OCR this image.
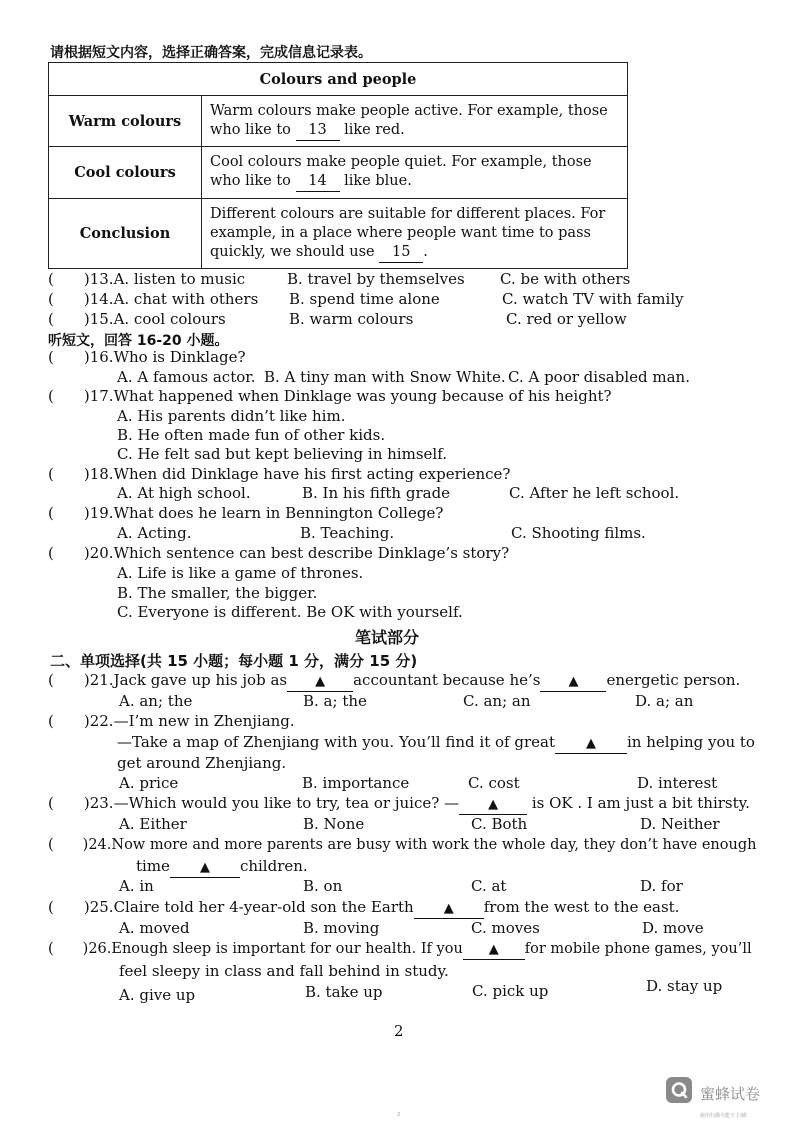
请根据短文内容，选择正确答案，完成信息记录表。
Colours and people	
Warm colours	Warm colours make people active. For example, those who like to 13 like red.
Cool colours	Cool colours make people quiet. For example, those who like to 14 like blue.
Conclusion	Different colours are suitable for different places. For example, in a place where people want time to pass quickly, we should use 15 .
(　　)13.A. listen to music	B. travel by themselves C. be with others
(　　)14.A. chat with others B. spend time alone	C. watch TV with family
(　　)15.A. cool colours	B. warm colours	C. red or yellow
听短文，回答 16-20 小题。
(　　)16.Who is Dinklage?
A. A famous actor. B. A tiny man with Snow White. C. A poor disabled man.
(　　)17.What happened when Dinklage was young because of his height?
A. His parents didn’t like him.
B. He often made fun of other kids.
C. He felt sad but kept believing in himself.
(　　)18.When did Dinklage have his first acting experience?
A. At high school.	B. In his fifth grade	C. After he left school.
(　　)19.What does he learn in Bennington College?
A. Acting.	B. Teaching.	C. Shooting films.
(　　)20.Which sentence can best describe Dinklage’s story?
A. Life is like a game of thrones.
B. The smaller, the bigger.
C. Everyone is different. Be OK with yourself.
笔试部分
二、单项选择(共 15 小题；每小题 1 分，满分 15 分)
(　　)21.Jack gave up his job as ▲ accountant because he’s ▲ energetic person.
A. an; the	B. a; the	C. an; an	D. a; an
(　　)22.—I’m new in Zhenjiang.
—Take a map of Zhenjiang with you. You’ll find it of great ▲ in helping you to
get around Zhenjiang.
A. price	B. importance	C. cost	D. interest
(　　)23.—Which would you like to try, tea or juice? — ▲ is OK . I am just a bit thirsty.
A. Either	B. None	C. Both	D. Neither
(　　)24.Now more and more parents are busy with work the whole day, they don’t have enough
time ▲ children.
A. in	B. on	C. at	D. for
(　　)25.Claire told her 4-year-old son the Earth ▲ from the west to the east.
A. moved	B. moving	C. moves	D. move
(　　)26.Enough sleep is important for our health. If you ▲ for mobile phone games, you’ll
feel sleepy in class and fall behind in study.
A. give up	B. take up	C. pick up	D. stay up
2
2
蜜蜂试卷
使用扫描全能王 扫描
